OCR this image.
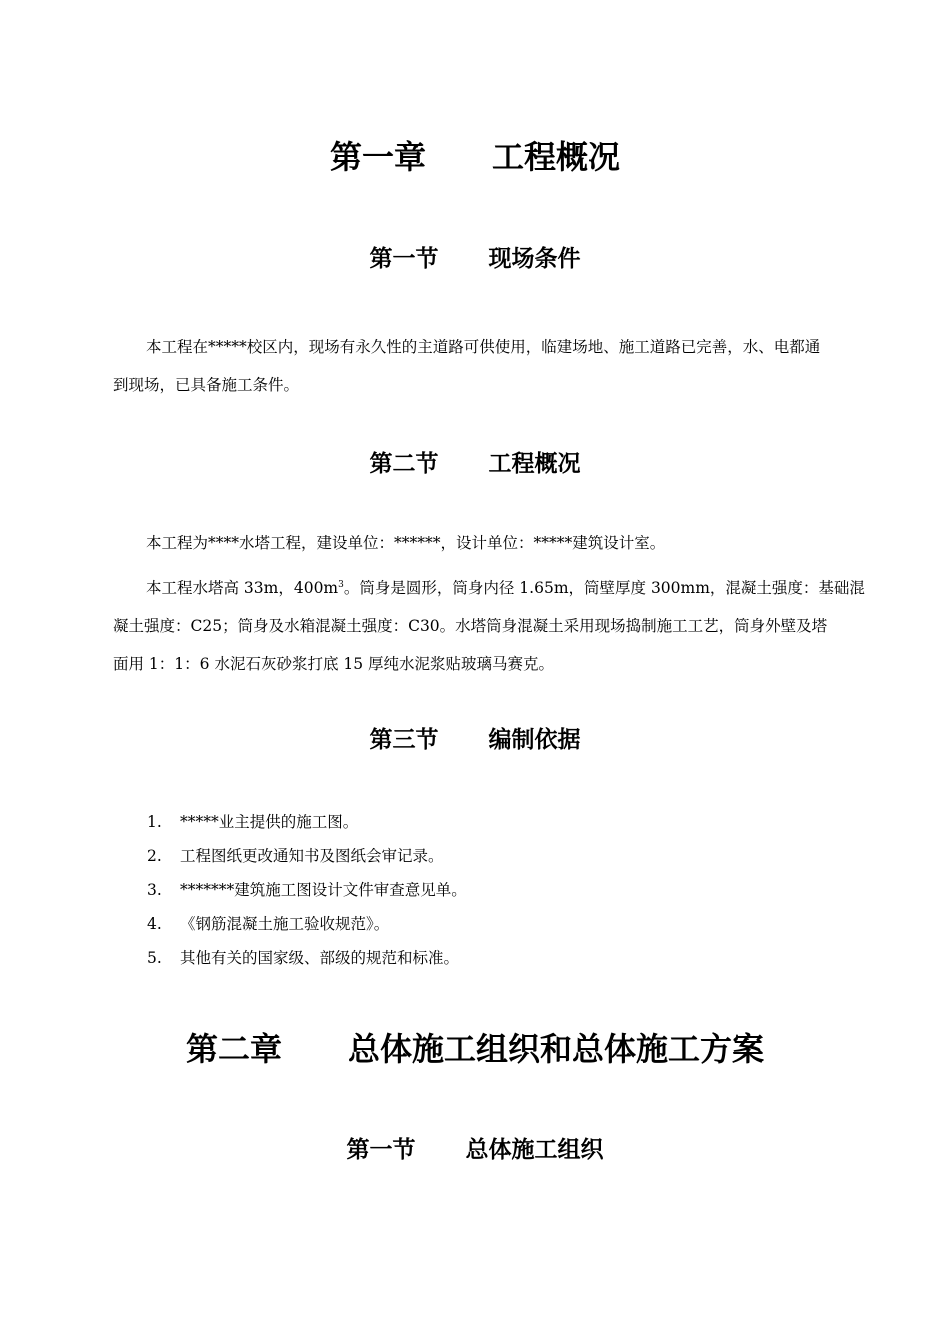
第一章 工程概况
第一节 现场条件
本工程在*****校区内，现场有永久性的主道路可供使用，临建场地、施工道路已完善，水、电都通
到现场，已具备施工条件。
第二节 工程概况
本工程为****水塔工程，建设单位：******，设计单位：*****建筑设计室。
本工程水塔高 33m，$400m^3$。筒身是圆形，筒身内径 1.65m，筒壁厚度 300mm，混凝土强度：基础混
凝土强度：C25；筒身及水箱混凝土强度：C30。水塔筒身混凝土采用现场捣制施工工艺，筒身外壁及塔
面用 1：1：6 水泥石灰砂浆打底 15 厚纯水泥浆贴玻璃马赛克。
第三节 编制依据
1. *****业主提供的施工图。
2. 工程图纸更改通知书及图纸会审记录。
3. *******建筑施工图设计文件审查意见单。
4. 《钢筋混凝土施工验收规范》。
5. 其他有关的国家级、部级的规范和标准。
第二章 总体施工组织和总体施工方案
第一节 总体施工组织
